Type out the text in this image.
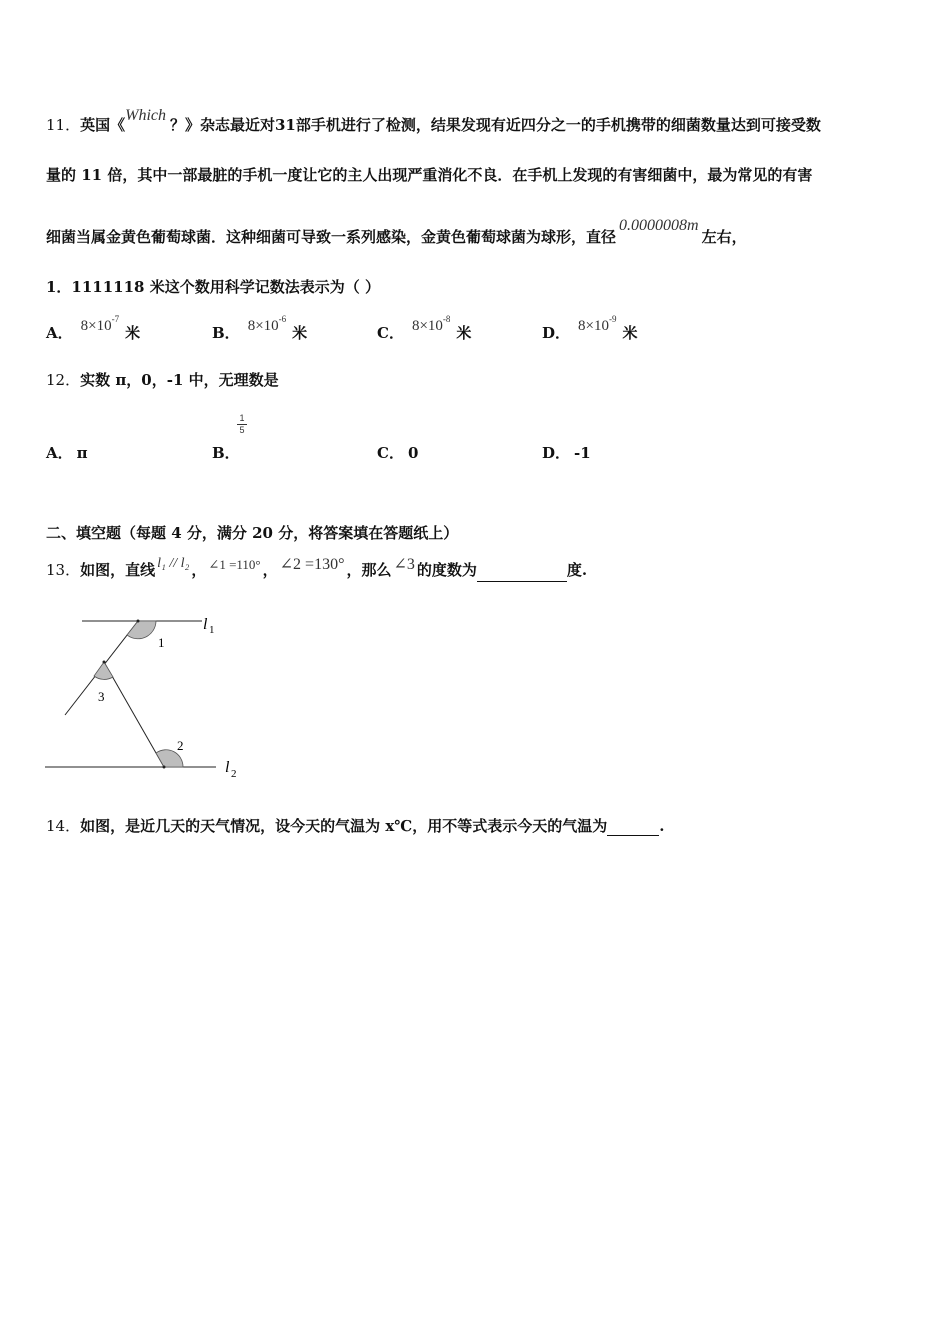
11．英国《Which？》杂志最近对31部手机进行了检测，结果发现有近四分之一的手机携带的细菌数量达到可接受数
量的 11 倍，其中一部最脏的手机一度让它的主人出现严重消化不良．在手机上发现的有害细菌中，最为常见的有害
细菌当属金黄色葡萄球菌．这种细菌可导致一系列感染，金黄色葡萄球菌为球形，直径0.0000008m左右，
1．1111118 米这个数用科学记数法表示为（ ）
A． $8\times 10^{-7}$米	B． $8\times 10^{-6}$米	C． $8\times 10^{-8}$米	D． $8\times 10^{-9}$米
12．实数 π，0，-1 中，无理数是
A． π	B．
1
5
C． 0	D． -1
二、填空题（每题 4 分，满分 20 分，将答案填在答题纸上）
13．如图，直线 l₁ // l₂ ， ∠1 =110° ， ∠2 =130° ，那么 ∠3 的度数为	度.
1
3
2
l 1
l 2
14．如图，是近几天的天气情况，设今天的气温为 x℃，用不等式表示今天的气温为	.
